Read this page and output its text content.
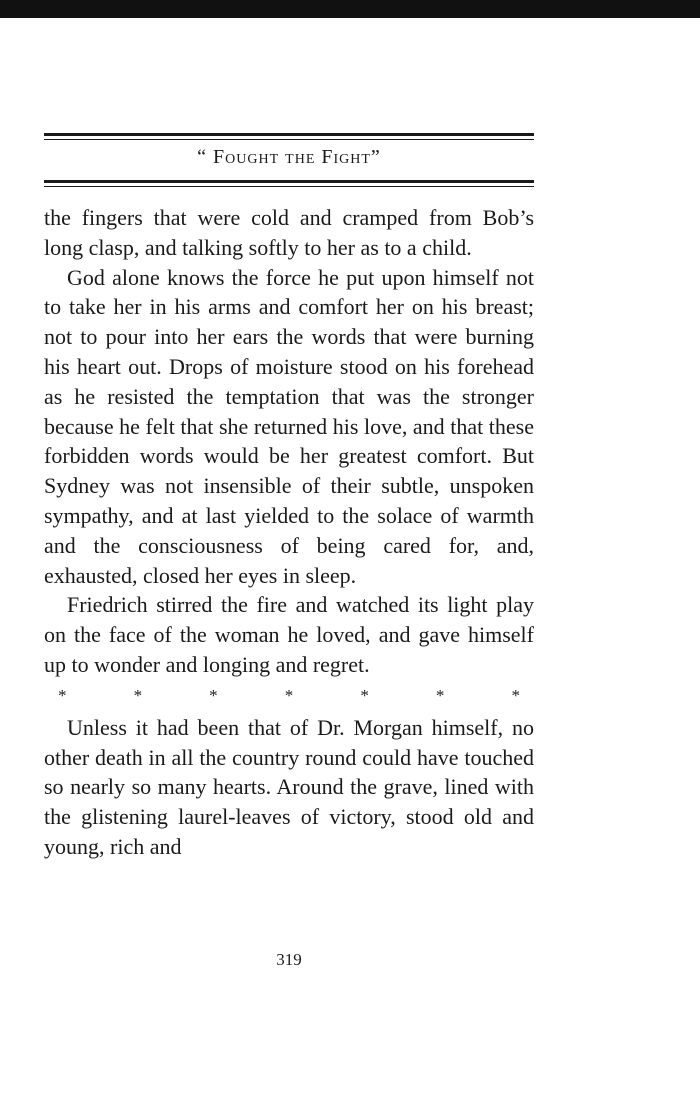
“ Fought the Fight”

the fingers that were cold and cramped from Bob’s long clasp, and talking softly to her as to a child.

God alone knows the force he put upon himself not to take her in his arms and comfort her on his breast; not to pour into her ears the words that were burning his heart out. Drops of moisture stood on his forehead as he resisted the temptation that was the stronger because he felt that she returned his love, and that these forbidden words would be her greatest comfort. But Sydney was not insensible of their subtle, unspoken sympathy, and at last yielded to the solace of warmth and the consciousness of being cared for, and, exhausted, closed her eyes in sleep.

Friedrich stirred the fire and watched its light play on the face of the woman he loved, and gave himself up to wonder and longing and regret.

*	*	*	*	*	*	*

Unless it had been that of Dr. Morgan himself, no other death in all the country round could have touched so nearly so many hearts. Around the grave, lined with the glistening laurel-leaves of victory, stood old and young, rich and

319
